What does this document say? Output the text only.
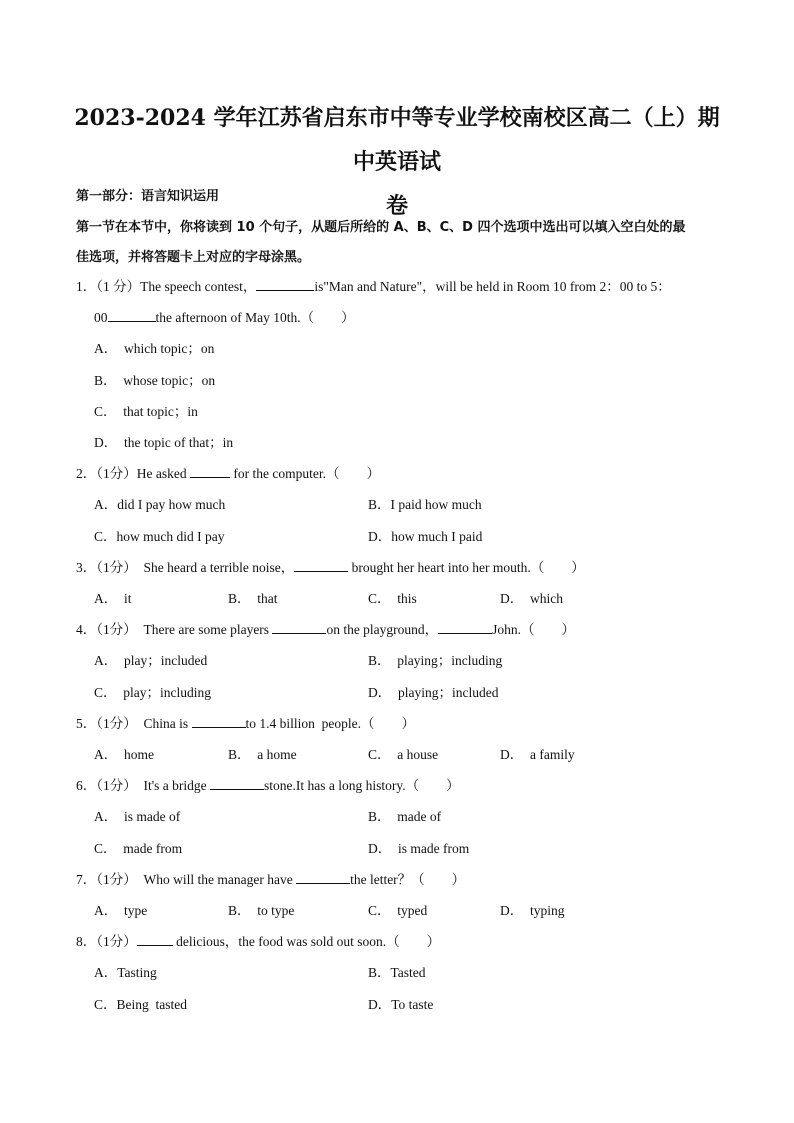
2023-2024 学年江苏省启东市中等专业学校南校区高二（上）期中英语试
卷
第一部分：语言知识运用
第一节在本节中，你将读到 10 个句子，从题后所给的 A、B、C、D 四个选项中选出可以填入空白处的最
佳选项，并将答题卡上对应的字母涂黑。
1．（1 分）The speech contest，	is"Man and Nature"，will be held in Room 10 from 2：00 to 5：
00	the afternoon of May 10th.（　　）
A．  which topic；on
B．  whose topic；on
C．  that topic；in
D．  the topic of that；in
2．（1分）He asked	for the computer.（　　）
A．did I pay how much	B．I paid how much
C．how much did I pay	D．how much I paid
3．（1分） She heard a terrible noise，	brought her heart into her mouth.（　　）
A．  it	B．  that	C．  this	D．  which
4．（1分） There are some players	on the playground，	John.（　　）
A．  play；included	B．  playing；including
C．  play；including	D．  playing；included
5．（1分） China is	to 1.4 billion  people.（　　）
A．  home	B．  a home	C．  a house	D．  a family
6．（1分） It's a bridge	stone.It has a long history.（　　）
A．  is made of	B．  made of
C．  made from	D．  is made from
7．（1分） Who will the manager have	the letter？（　　）
A．  type	B．  to type	C．  typed	D．  typing
8．（1分）	delicious，the food was sold out soon.（　　）
A．Tasting	B．Tasted
C．Being  tasted	D．To taste
